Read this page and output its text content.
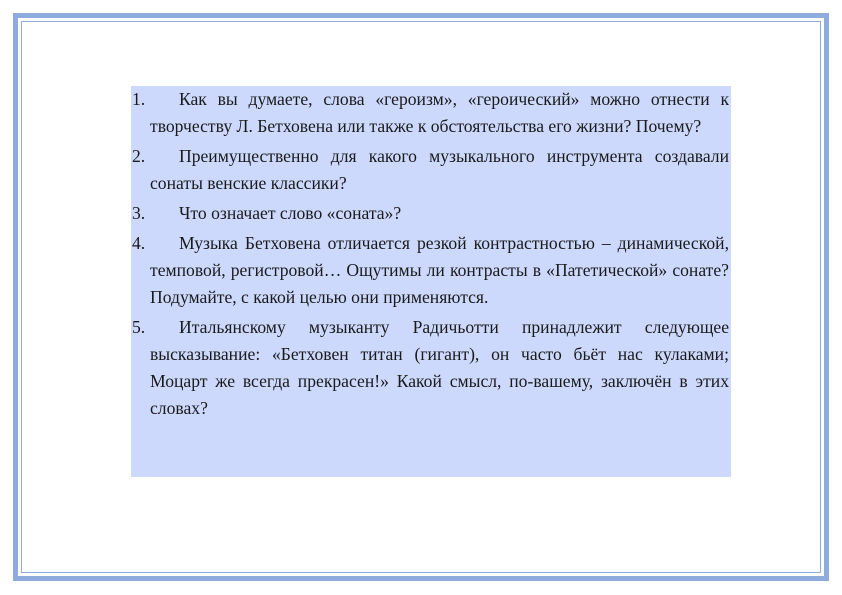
1.	Как вы думаете, слова «героизм», «героический» можно отнести к творчеству Л. Бетховена или также к обстоятельства его жизни? Почему?
2.	Преимущественно для какого музыкального инструмента создавали сонаты венские классики?
3.	Что означает слово «соната»?
4.	Музыка Бетховена отличается резкой контрастностью – динамической, темповой, регистровой… Ощутимы ли контрасты в «Патетической» сонате? Подумайте, с какой целью они применяются.
5.	Итальянскому музыканту Радичьотти принадлежит следующее высказывание: «Бетховен титан (гигант), он часто бьёт нас кулаками; Моцарт же всегда прекрасен!» Какой смысл, по-вашему, заключён в этих словах?
